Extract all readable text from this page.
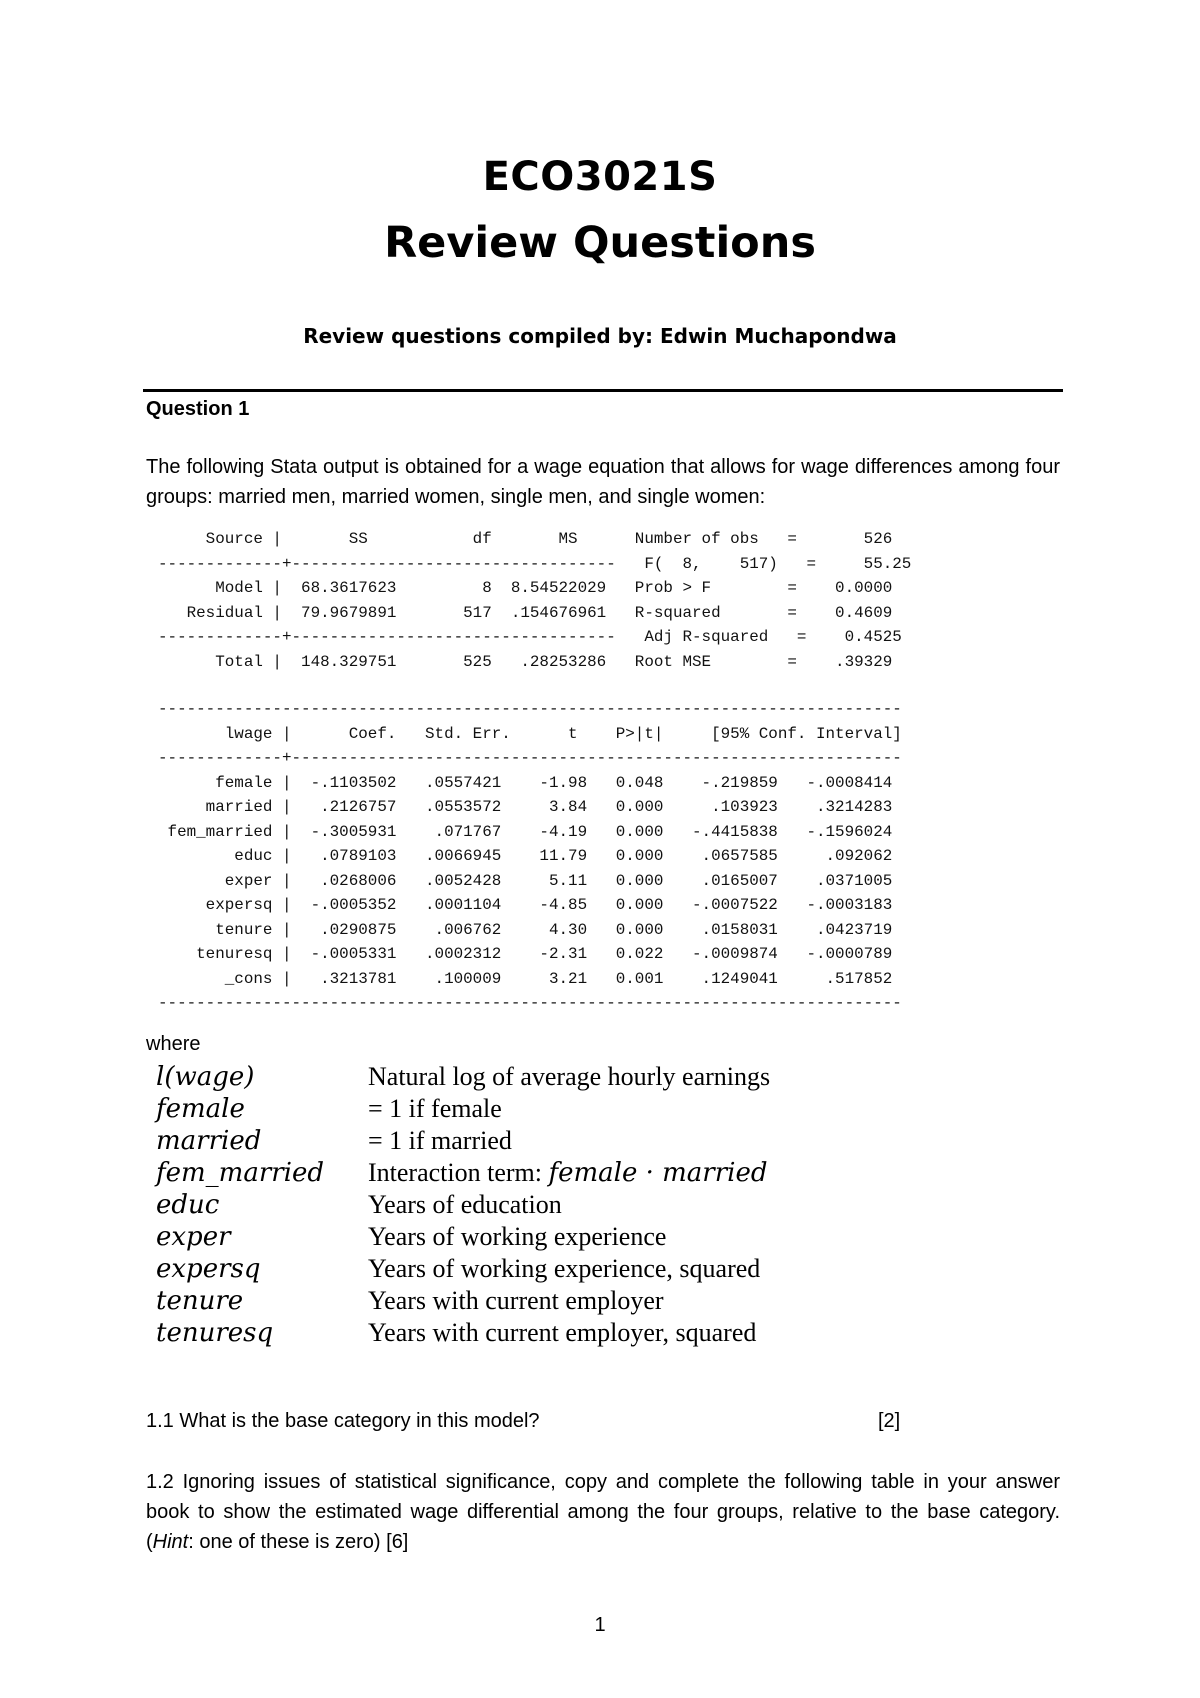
ECO3021S
Review Questions
Review questions compiled by: Edwin Muchapondwa
Question 1
The following Stata output is obtained for a wage equation that allows for wage differences among four groups: married men, married women, single men, and single women:
Source |       SS           df       MS      Number of obs   =       526
-------------+----------------------------------   F(  8,    517)   =     55.25
Model |  68.3617623         8  8.54522029   Prob > F        =    0.0000
Residual |  79.9679891       517  .154676961   R-squared       =    0.4609
-------------+----------------------------------   Adj R-squared   =    0.4525
Total |  148.329751       525   .28253286   Root MSE        =    .39329
------------------------------------------------------------------------------
lwage |      Coef.   Std. Err.      t    P>|t|     [95% Conf. Interval]
-------------+----------------------------------------------------------------
female |  -.1103502   .0557421    -1.98   0.048    -.219859   -.0008414
married |   .2126757   .0553572     3.84   0.000     .103923    .3214283
fem_married |  -.3005931    .071767    -4.19   0.000   -.4415838   -.1596024
educ |   .0789103   .0066945    11.79   0.000    .0657585     .092062
exper |   .0268006   .0052428     5.11   0.000    .0165007    .0371005
expersq |  -.0005352   .0001104    -4.85   0.000   -.0007522   -.0003183
tenure |   .0290875    .006762     4.30   0.000    .0158031    .0423719
tenuresq |  -.0005331   .0002312    -2.31   0.022   -.0009874   -.0000789
_cons |   .3213781    .100009     3.21   0.001    .1249041     .517852
------------------------------------------------------------------------------
where
l(wage)	Natural log of average hourly earnings
female	= 1 if female
married	= 1 if married
fem_married Interaction term: female · married
educ	Years of education
exper	Years of working experience
expersq	Years of working experience, squared
tenure	Years with current employer
tenuresq	Years with current employer, squared
1.1 What is the base category in this model?	[2]
1.2 Ignoring issues of statistical significance, copy and complete the following table in your answer book to show the estimated wage differential among the four groups, relative to the base category. (Hint: one of these is zero) [6]
1
